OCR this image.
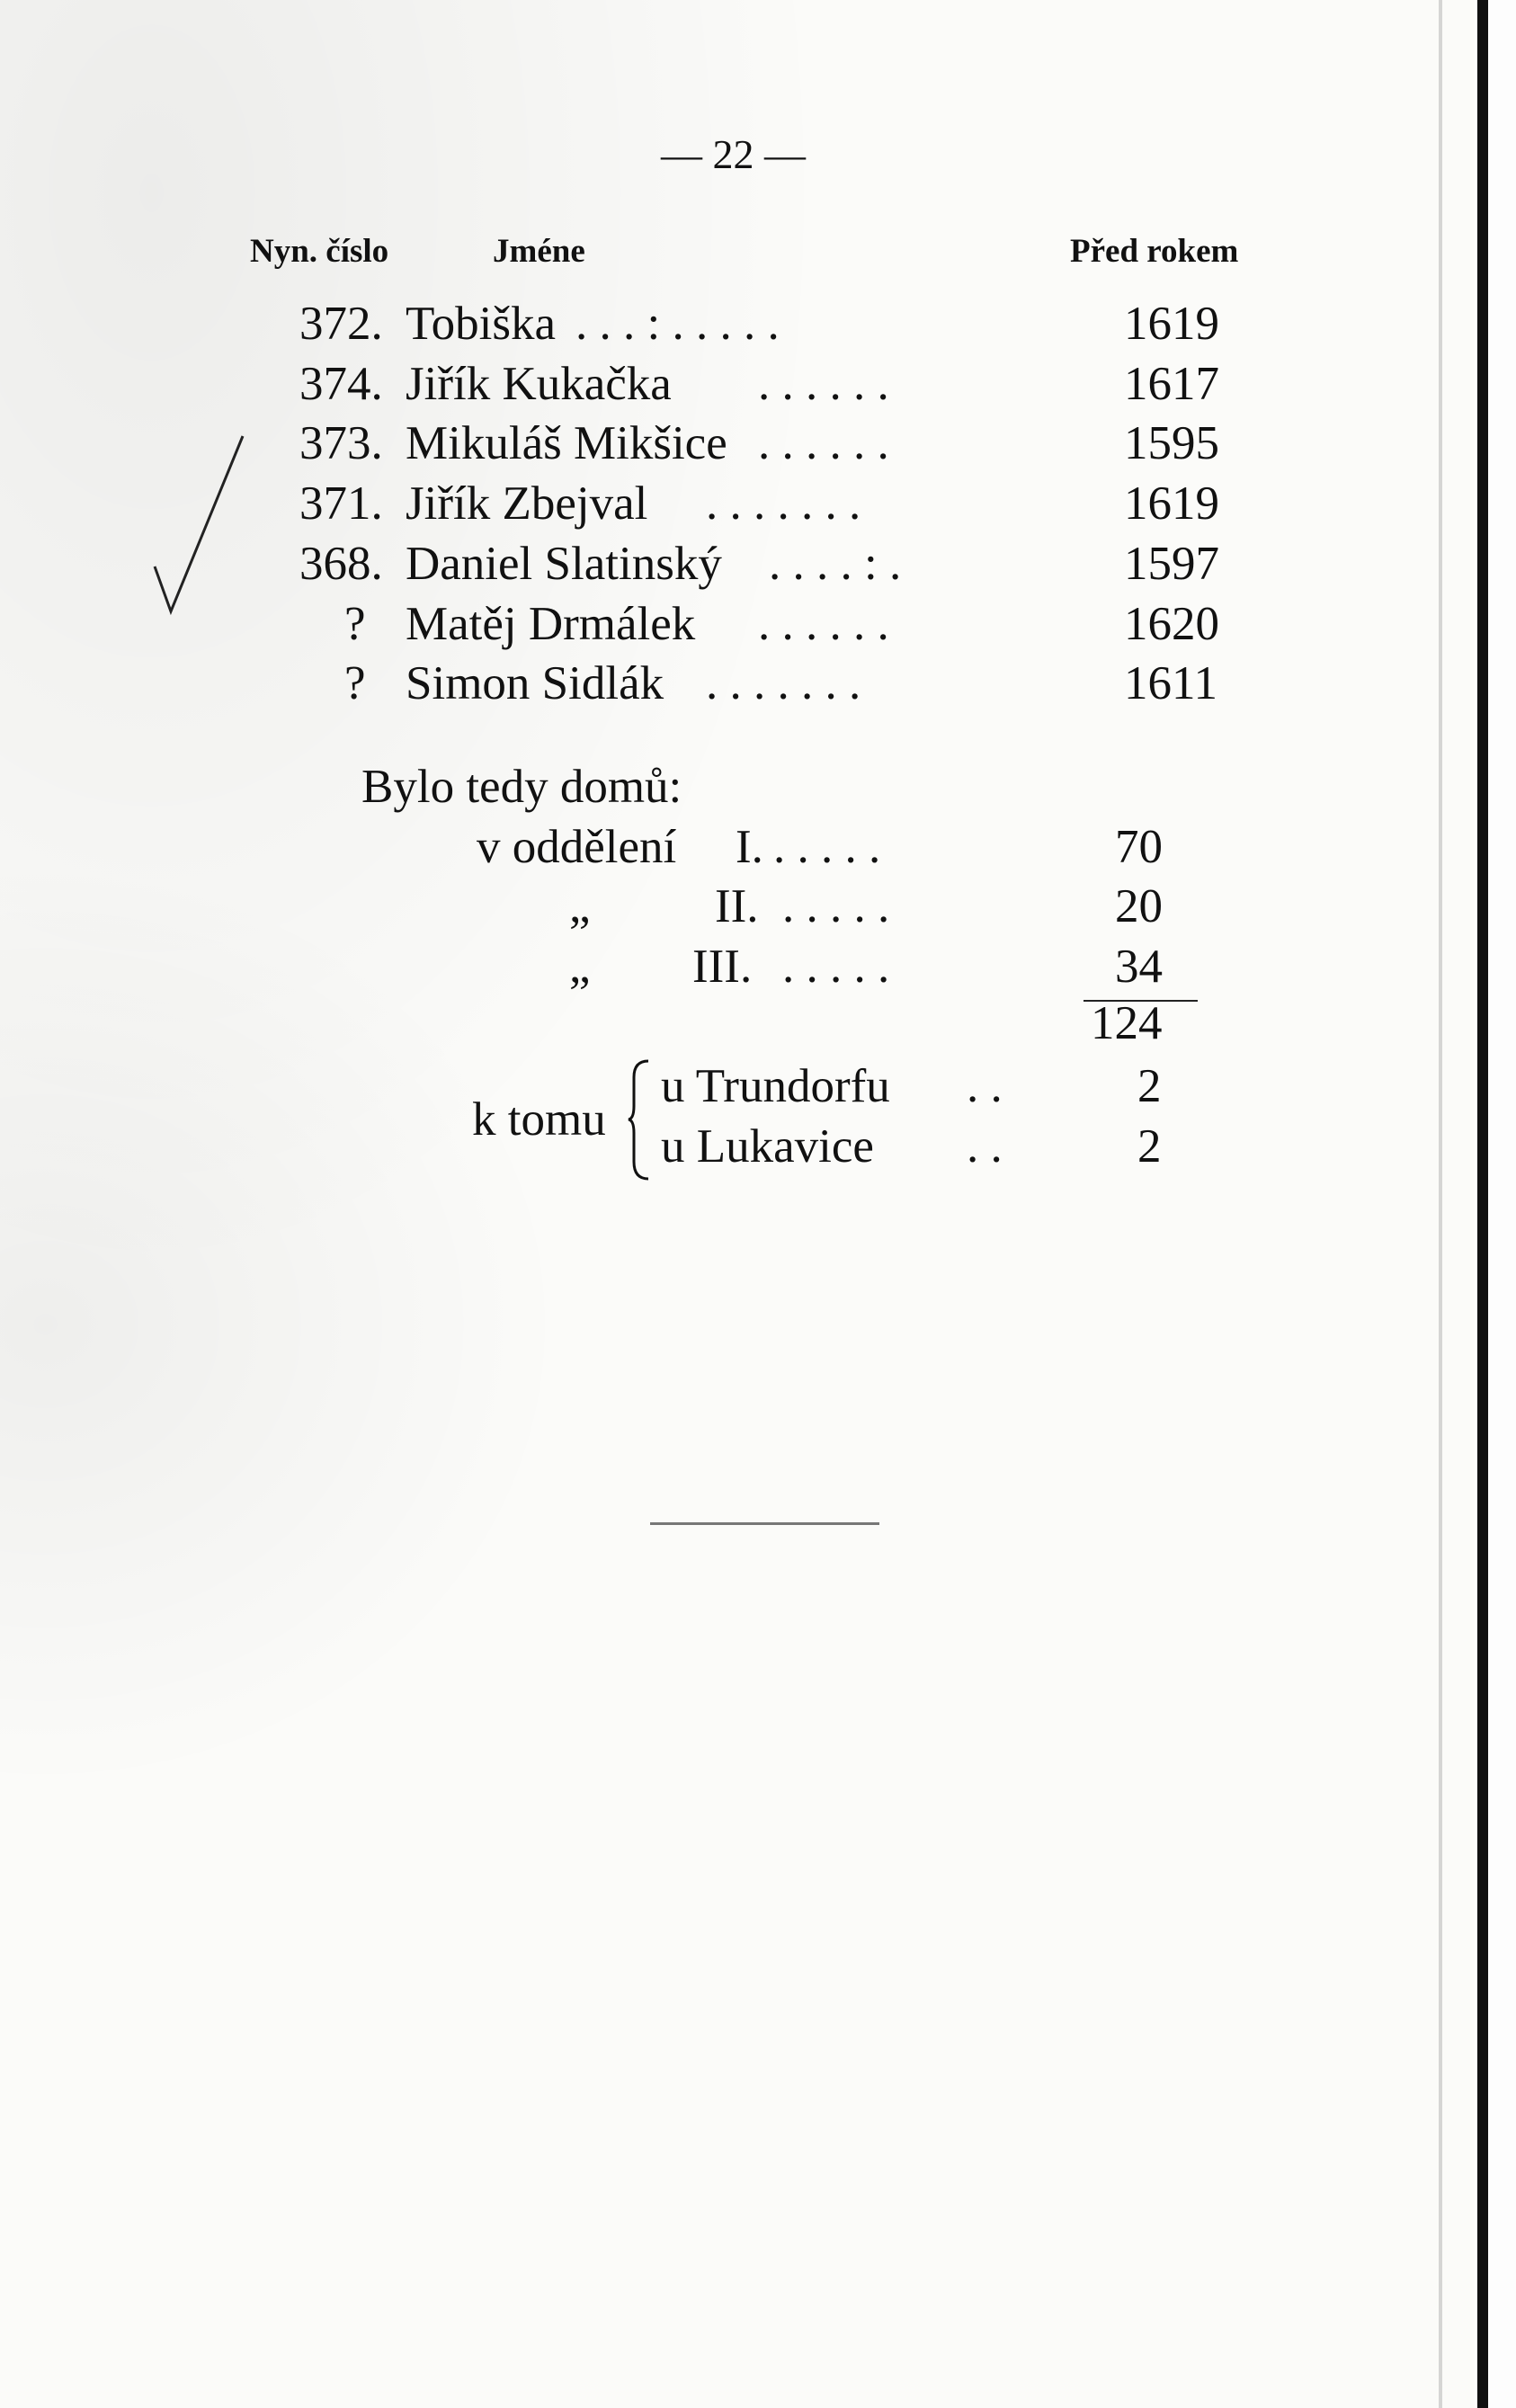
— 22 —
Nyn. číslo	Jméne	Před rokem
372. Tobiška . . . : . . . . .	1619
374. Jiřík Kukačka . . . . . .	1617
373. Mikuláš Mikšice . . . . . .	1595
371. Jiřík Zbejval . . . . . . .	1619
368. Daniel Slatinský . . . . : .	1597
? Matěj Drmálek . . . . . .	1620
? Simon Sidlák . . . . . . .	1611
Bylo tedy domů:
v oddělení I. . . . . .	70
„	II. . . . . .	20
„ III. . . . . .	34
124
k tomu
u Trundorfu . .	2
u Lukavice . .	2
